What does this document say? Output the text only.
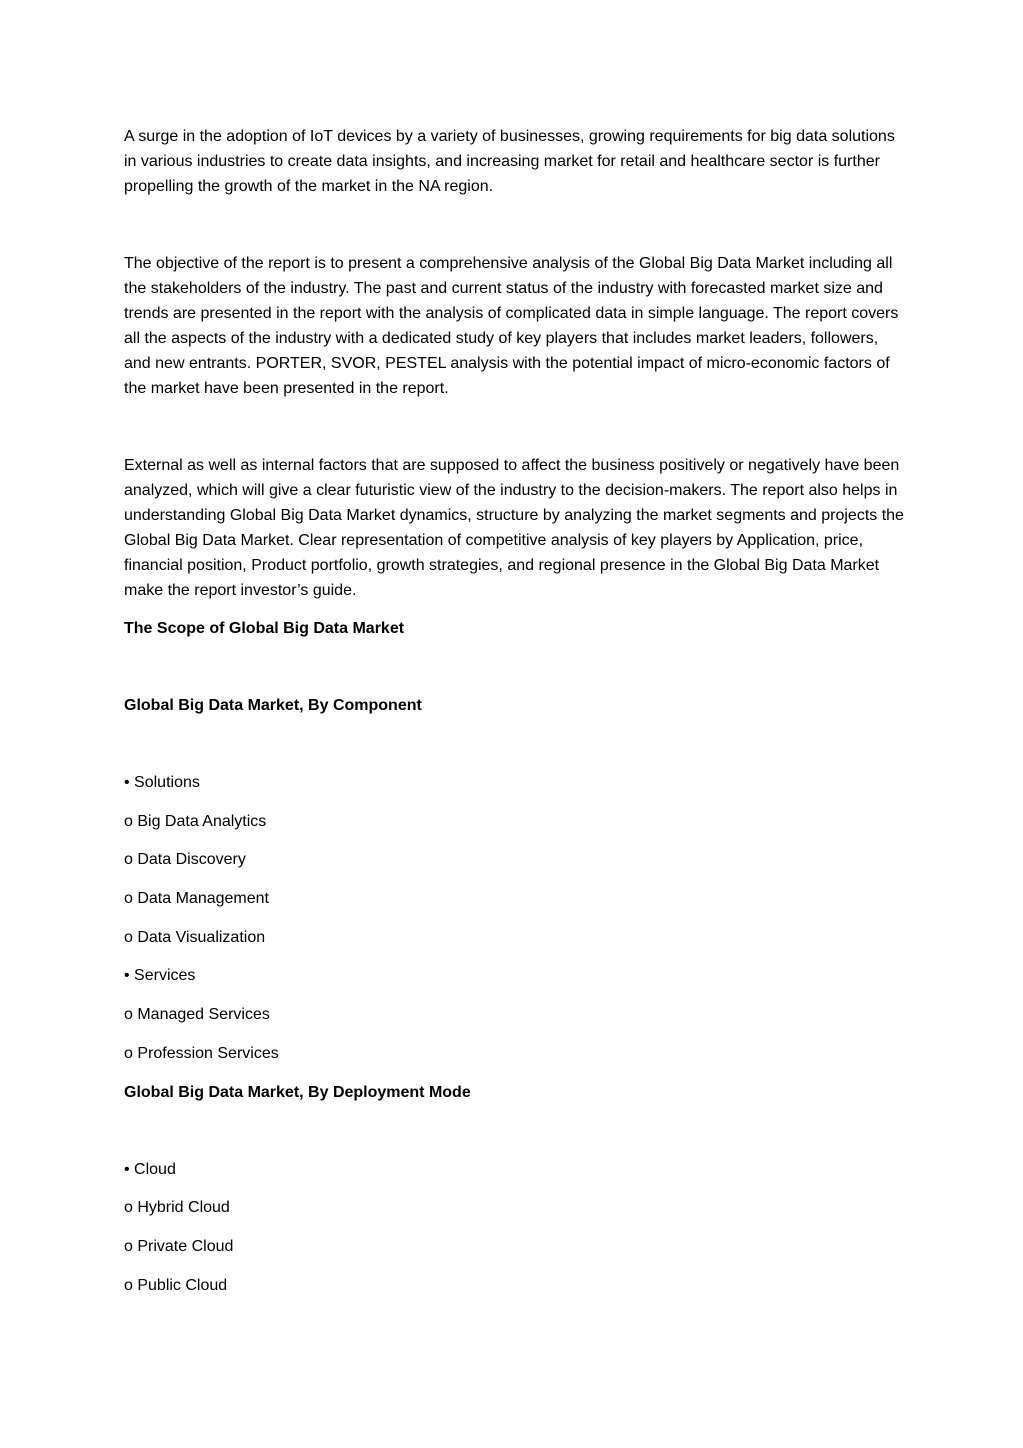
A surge in the adoption of IoT devices by a variety of businesses, growing requirements for big data solutions in various industries to create data insights, and increasing market for retail and healthcare sector is further propelling the growth of the market in the NA region.

The objective of the report is to present a comprehensive analysis of the Global Big Data Market including all the stakeholders of the industry. The past and current status of the industry with forecasted market size and trends are presented in the report with the analysis of complicated data in simple language. The report covers all the aspects of the industry with a dedicated study of key players that includes market leaders, followers, and new entrants. PORTER, SVOR, PESTEL analysis with the potential impact of micro-economic factors of the market have been presented in the report.

External as well as internal factors that are supposed to affect the business positively or negatively have been analyzed, which will give a clear futuristic view of the industry to the decision-makers. The report also helps in understanding Global Big Data Market dynamics, structure by analyzing the market segments and projects the Global Big Data Market. Clear representation of competitive analysis of key players by Application, price, financial position, Product portfolio, growth strategies, and regional presence in the Global Big Data Market make the report investor’s guide.

The Scope of Global Big Data Market

Global Big Data Market, By Component

• Solutions

o Big Data Analytics

o Data Discovery

o Data Management

o Data Visualization

• Services

o Managed Services

o Profession Services

Global Big Data Market, By Deployment Mode

• Cloud

o Hybrid Cloud

o Private Cloud

o Public Cloud
